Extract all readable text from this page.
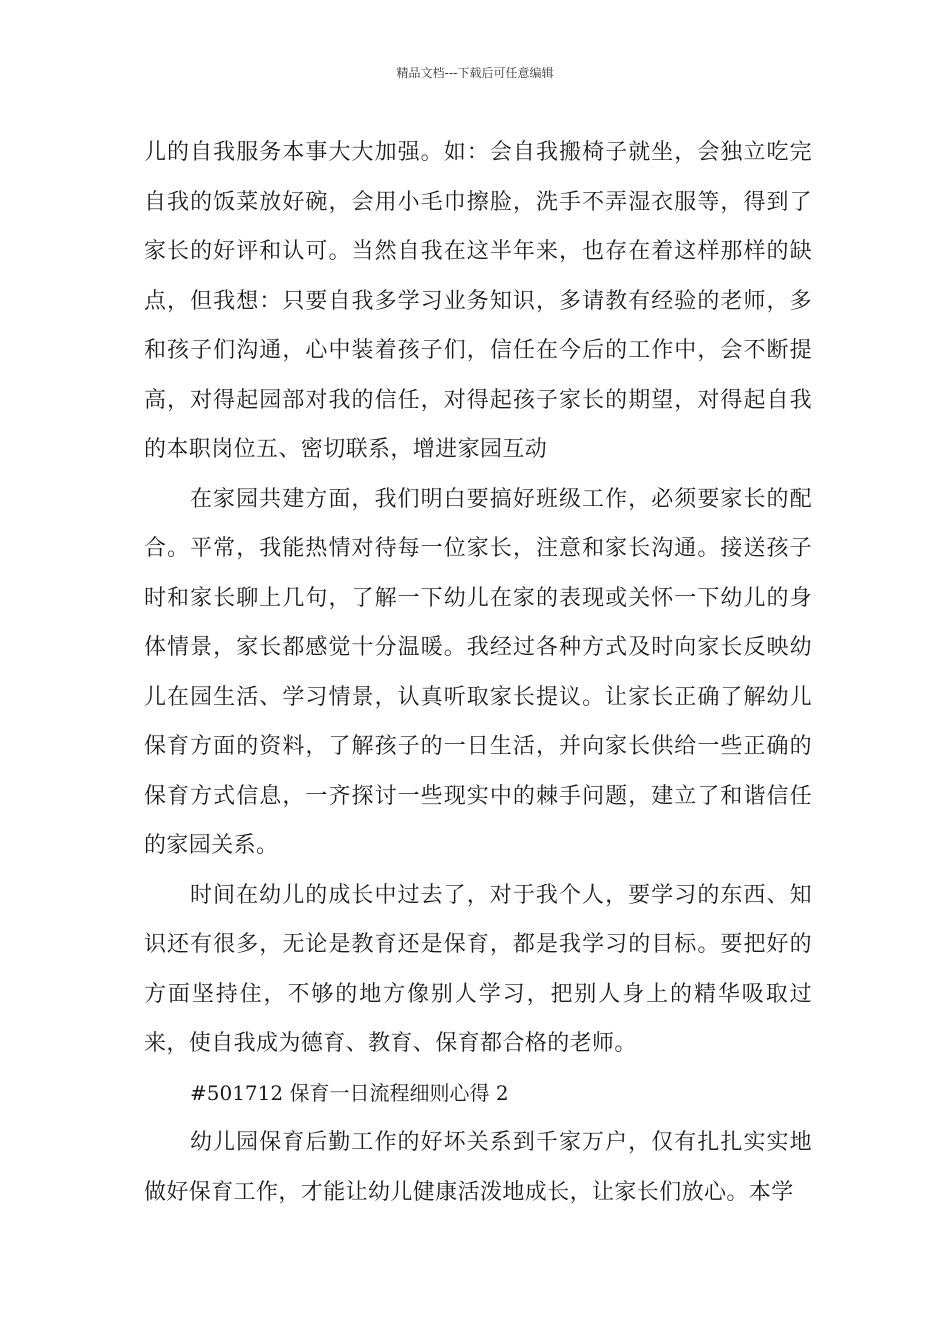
精品文档---下载后可任意编辑

儿的自我服务本事大大加强。如：会自我搬椅子就坐，会独立吃完自我的饭菜放好碗，会用小毛巾擦脸，洗手不弄湿衣服等，得到了家长的好评和认可。当然自我在这半年来，也存在着这样那样的缺点，但我想：只要自我多学习业务知识，多请教有经验的老师，多和孩子们沟通，心中装着孩子们，信任在今后的工作中，会不断提高，对得起园部对我的信任，对得起孩子家长的期望，对得起自我的本职岗位五、密切联系，增进家园互动

在家园共建方面，我们明白要搞好班级工作，必须要家长的配合。平常，我能热情对待每一位家长，注意和家长沟通。接送孩子时和家长聊上几句，了解一下幼儿在家的表现或关怀一下幼儿的身体情景，家长都感觉十分温暖。我经过各种方式及时向家长反映幼儿在园生活、学习情景，认真听取家长提议。让家长正确了解幼儿保育方面的资料，了解孩子的一日生活，并向家长供给一些正确的保育方式信息，一齐探讨一些现实中的棘手问题，建立了和谐信任的家园关系。

时间在幼儿的成长中过去了，对于我个人，要学习的东西、知识还有很多，无论是教育还是保育，都是我学习的目标。要把好的方面坚持住，不够的地方像别人学习，把别人身上的精华吸取过来，使自我成为德育、教育、保育都合格的老师。

#501712 保育一日流程细则心得 2

幼儿园保育后勤工作的好坏关系到千家万户，仅有扎扎实实地做好保育工作，才能让幼儿健康活泼地成长，让家长们放心。本学
